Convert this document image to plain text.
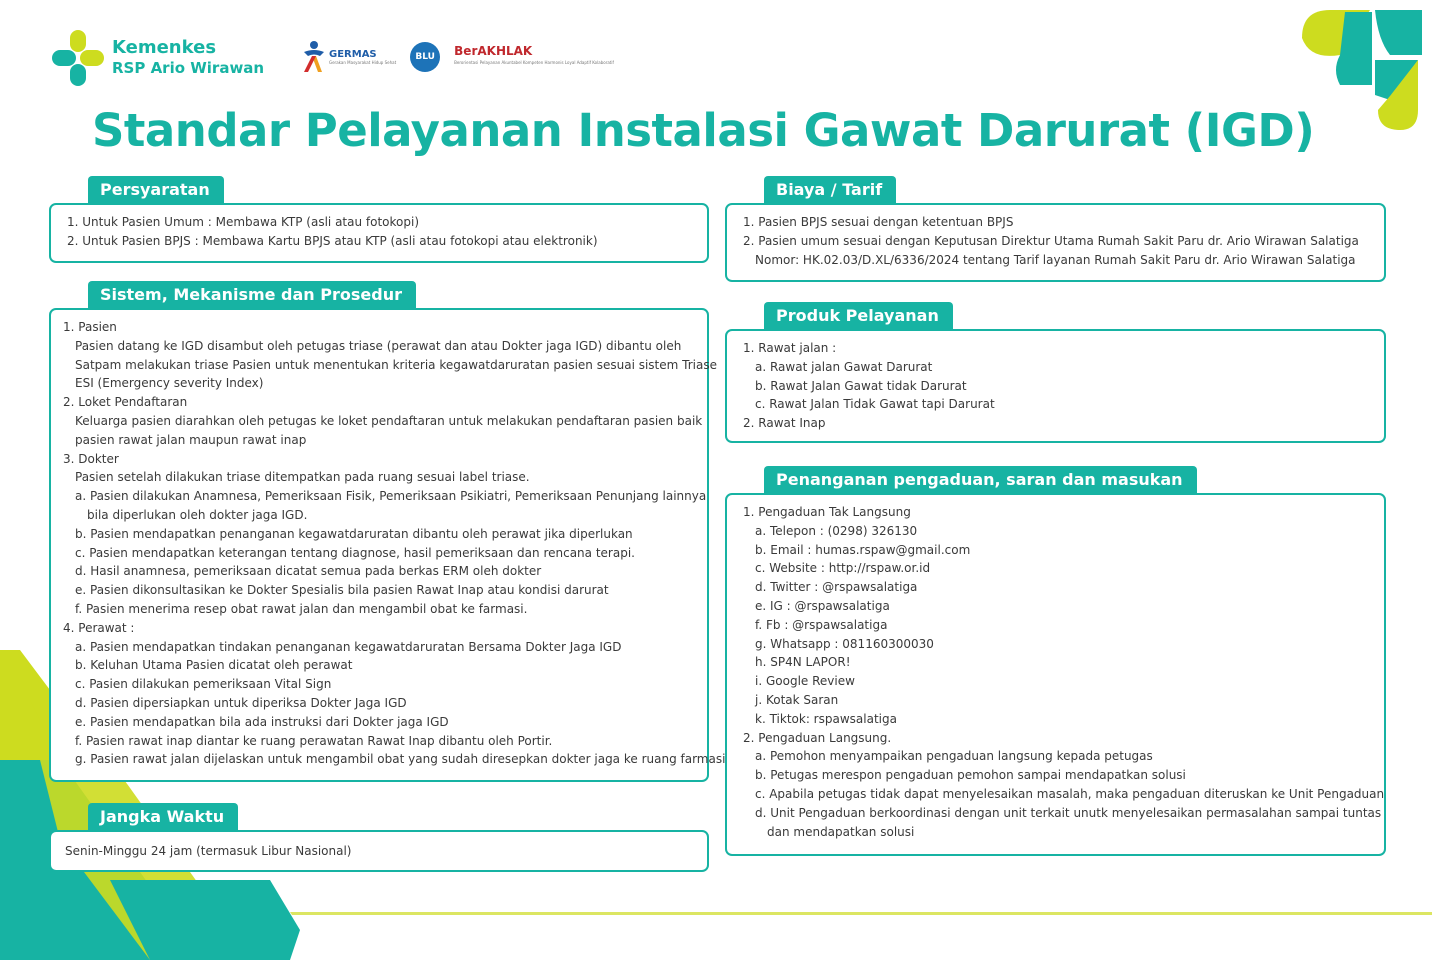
Kemenkes
RSP Ario Wirawan
GERMAS
Gerakan Masyarakat Hidup Sehat
BLU	BerAKHLAK
Berorientasi Pelayanan Akuntabel Kompeten Harmonis Loyal Adaptif Kolaboratif
Standar Pelayanan Instalasi Gawat Darurat (IGD)
Persyaratan
1. Untuk Pasien Umum : Membawa KTP (asli atau fotokopi)
2. Untuk Pasien BPJS : Membawa Kartu BPJS atau KTP (asli atau fotokopi atau elektronik)
Sistem, Mekanisme dan Prosedur
1. Pasien
Pasien datang ke IGD disambut oleh petugas triase (perawat dan atau Dokter jaga IGD) dibantu oleh
Satpam melakukan triase Pasien untuk menentukan kriteria kegawatdaruratan pasien sesuai sistem Triase
ESI (Emergency severity Index)
2. Loket Pendaftaran
Keluarga pasien diarahkan oleh petugas ke loket pendaftaran untuk melakukan pendaftaran pasien baik
pasien rawat jalan maupun rawat inap
3. Dokter
Pasien setelah dilakukan triase ditempatkan pada ruang sesuai label triase.
a. Pasien dilakukan Anamnesa, Pemeriksaan Fisik, Pemeriksaan Psikiatri, Pemeriksaan Penunjang lainnya
bila diperlukan oleh dokter jaga IGD.
b. Pasien mendapatkan penanganan kegawatdaruratan dibantu oleh perawat jika diperlukan
c. Pasien mendapatkan keterangan tentang diagnose, hasil pemeriksaan dan rencana terapi.
d. Hasil anamnesa, pemeriksaan dicatat semua pada berkas ERM oleh dokter
e. Pasien dikonsultasikan ke Dokter Spesialis bila pasien Rawat Inap atau kondisi darurat
f. Pasien menerima resep obat rawat jalan dan mengambil obat ke farmasi.
4. Perawat :
a. Pasien mendapatkan tindakan penanganan kegawatdaruratan Bersama Dokter Jaga IGD
b. Keluhan Utama Pasien dicatat oleh perawat
c. Pasien dilakukan pemeriksaan Vital Sign
d. Pasien dipersiapkan untuk diperiksa Dokter Jaga IGD
e. Pasien mendapatkan bila ada instruksi dari Dokter jaga IGD
f. Pasien rawat inap diantar ke ruang perawatan Rawat Inap dibantu oleh Portir.
g. Pasien rawat jalan dijelaskan untuk mengambil obat yang sudah diresepkan dokter jaga ke ruang farmasi
Jangka Waktu
Senin-Minggu 24 jam (termasuk Libur Nasional)
Biaya / Tarif
1. Pasien BPJS sesuai dengan ketentuan BPJS
2. Pasien umum sesuai dengan Keputusan Direktur Utama Rumah Sakit Paru dr. Ario Wirawan Salatiga
Nomor: HK.02.03/D.XL/6336/2024 tentang Tarif layanan Rumah Sakit Paru dr. Ario Wirawan Salatiga
Produk Pelayanan
1. Rawat jalan :
a. Rawat jalan Gawat Darurat
b. Rawat Jalan Gawat tidak Darurat
c. Rawat Jalan Tidak Gawat tapi Darurat
2. Rawat Inap
Penanganan pengaduan, saran dan masukan
1. Pengaduan Tak Langsung
a. Telepon : (0298) 326130
b. Email : humas.rspaw@gmail.com
c. Website : http://rspaw.or.id
d. Twitter : @rspawsalatiga
e. IG : @rspawsalatiga
f. Fb : @rspawsalatiga
g. Whatsapp : 081160300030
h. SP4N LAPOR!
i. Google Review
j. Kotak Saran
k. Tiktok: rspawsalatiga
2. Pengaduan Langsung.
a. Pemohon menyampaikan pengaduan langsung kepada petugas
b. Petugas merespon pengaduan pemohon sampai mendapatkan solusi
c. Apabila petugas tidak dapat menyelesaikan masalah, maka pengaduan diteruskan ke Unit Pengaduan
d. Unit Pengaduan berkoordinasi dengan unit terkait unutk menyelesaikan permasalahan sampai tuntas
dan mendapatkan solusi
